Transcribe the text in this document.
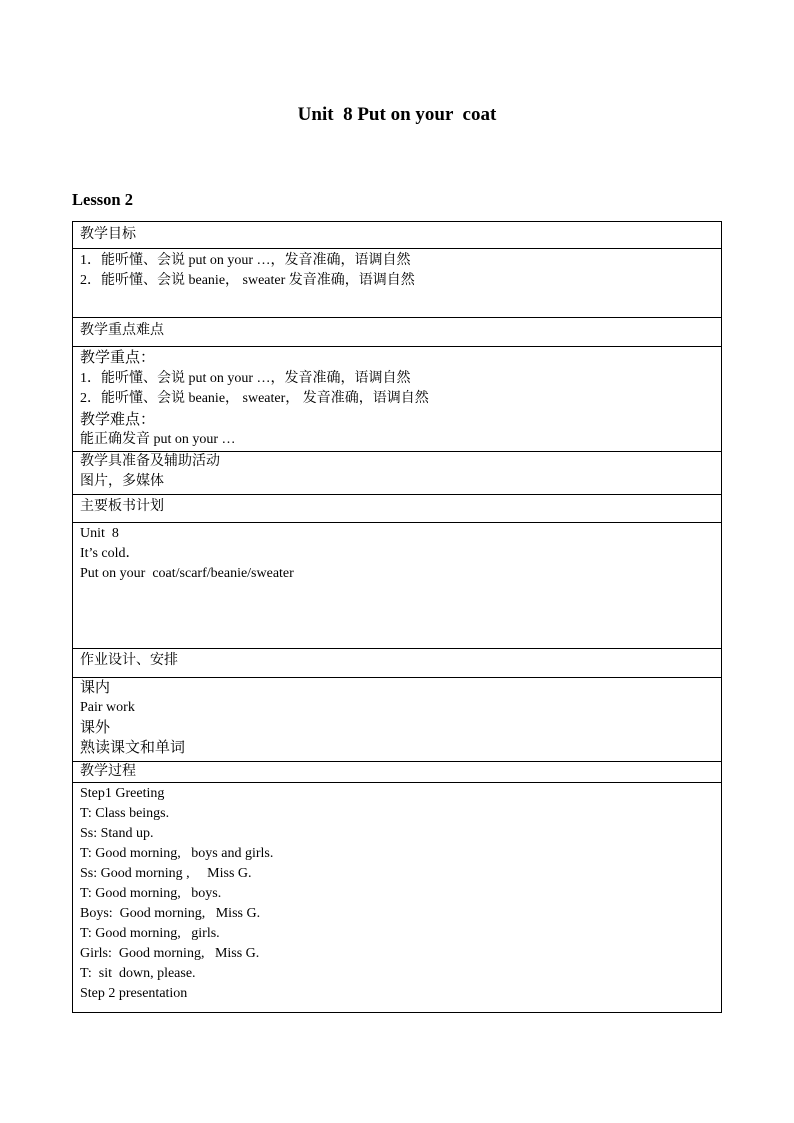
Unit  8 Put on your  coat
Lesson 2
教学目标

1．能听懂、会说 put on your …，发音准确，语调自然
2．能听懂、会说 beanie， sweater 发音准确，语调自然

教学重点难点

教学重点：
1．能听懂、会说 put on your …，发音准确，语调自然
2．能听懂、会说 beanie， sweater， 发音准确，语调自然
教学难点：
能正确发音 put on your …

教学具准备及辅助活动
图片，多媒体

主要板书计划

Unit  8
It’s cold．
Put on your  coat/scarf/beanie/sweater

作业设计、安排

课内
Pair work
课外
熟读课文和单词

教学过程

Step1 Greeting
T: Class beings.
Ss: Stand up.
T: Good morning,   boys and girls.
Ss: Good morning ,     Miss G.
T: Good morning,   boys.
Boys:  Good morning,   Miss G.
T: Good morning,   girls.
Girls:  Good morning,   Miss G.
T:  sit  down, please.
Step 2 presentation
